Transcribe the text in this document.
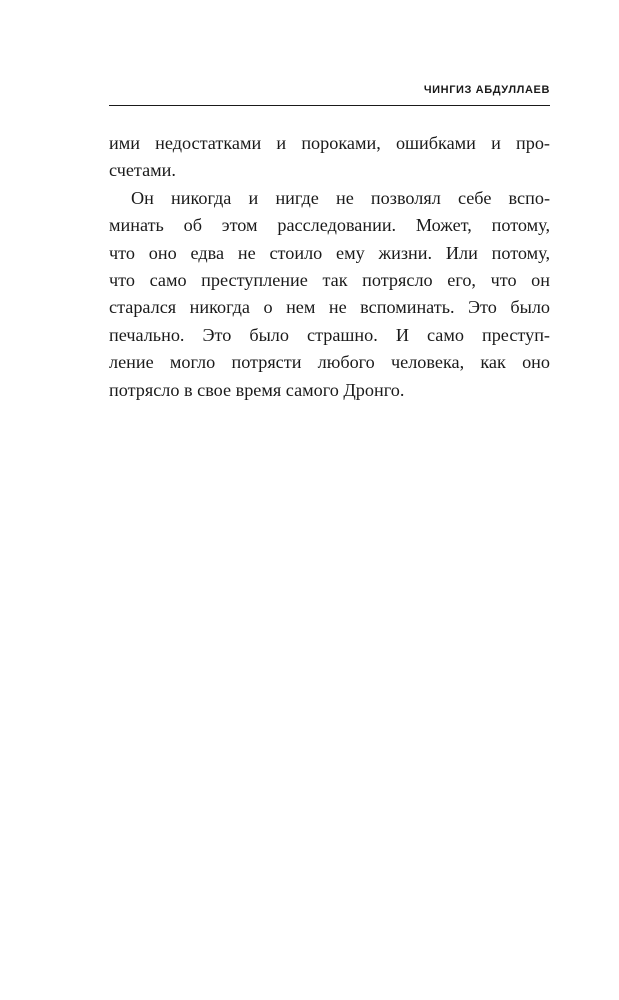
ЧИНГИЗ АБДУЛЛАЕВ
ими недостатками и пороками, ошибками и про-
счетами.
Он никогда и нигде не позволял себе вспо-
минать об этом расследовании. Может, потому,
что оно едва не стоило ему жизни. Или потому,
что само преступление так потрясло его, что он
старался никогда о нем не вспоминать. Это было
печально. Это было страшно. И само преступ-
ление могло потрясти любого человека, как оно
потрясло в свое время самого Дронго.
